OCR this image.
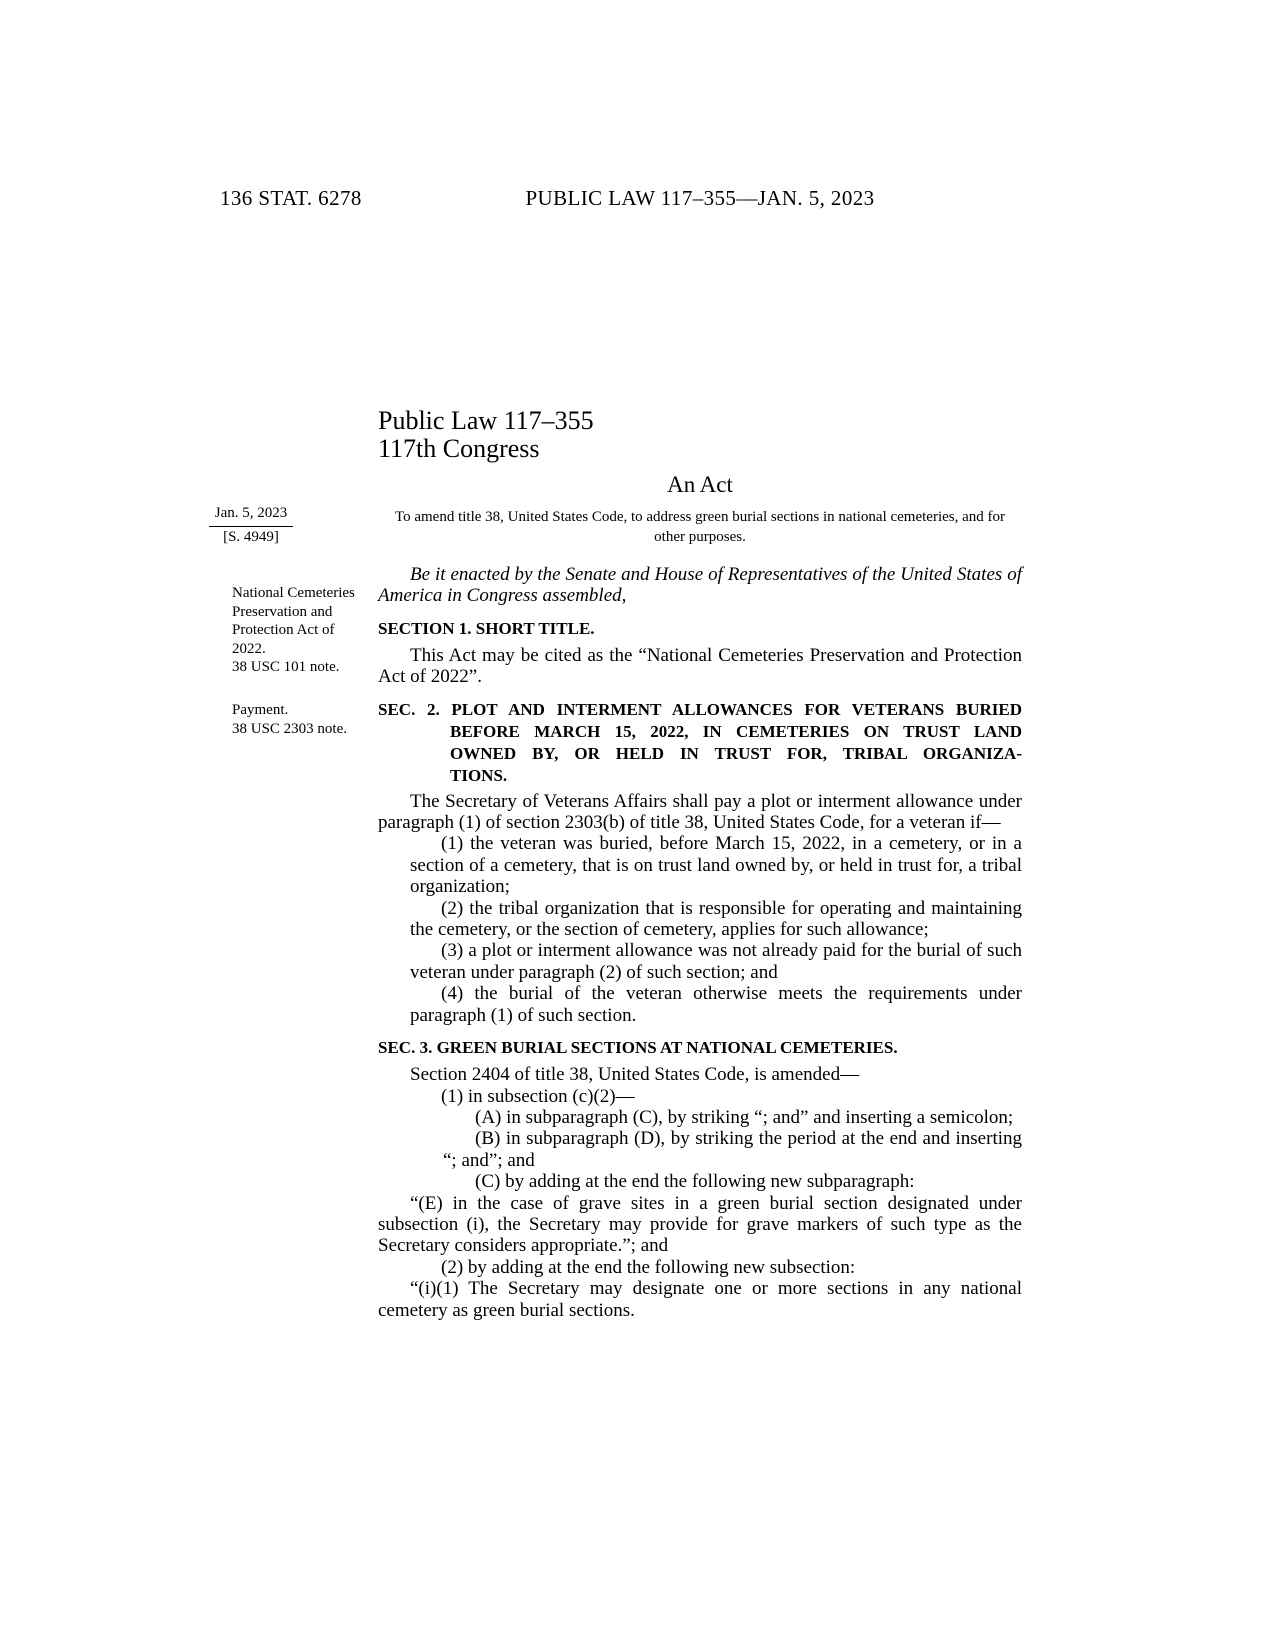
136 STAT. 6278	PUBLIC LAW 117–355—JAN. 5, 2023
Jan. 5, 2023
[S. 4949]
National Cemeteries Preservation and Protection Act of 2022.
38 USC 101 note.
Payment.
38 USC 2303 note.
Public Law 117–355
117th Congress
An Act
To amend title 38, United States Code, to address green burial sections in national cemeteries, and for other purposes.

Be it enacted by the Senate and House of Representatives of the United States of America in Congress assembled,

SECTION 1. SHORT TITLE.

This Act may be cited as the “National Cemeteries Preservation and Protection Act of 2022”.

SEC. 2. PLOT AND INTERMENT ALLOWANCES FOR VETERANS BURIED
BEFORE MARCH 15, 2022, IN CEMETERIES ON TRUST LAND
OWNED BY, OR HELD IN TRUST FOR, TRIBAL ORGANIZA-
TIONS.

The Secretary of Veterans Affairs shall pay a plot or interment allowance under paragraph (1) of section 2303(b) of title 38, United States Code, for a veteran if—

(1) the veteran was buried, before March 15, 2022, in a cemetery, or in a section of a cemetery, that is on trust land owned by, or held in trust for, a tribal organization;

(2) the tribal organization that is responsible for operating and maintaining the cemetery, or the section of cemetery, applies for such allowance;

(3) a plot or interment allowance was not already paid for the burial of such veteran under paragraph (2) of such section; and

(4) the burial of the veteran otherwise meets the requirements under paragraph (1) of such section.

SEC. 3. GREEN BURIAL SECTIONS AT NATIONAL CEMETERIES.

Section 2404 of title 38, United States Code, is amended—

(1) in subsection (c)(2)—

(A) in subparagraph (C), by striking “; and” and inserting a semicolon;

(B) in subparagraph (D), by striking the period at the end and inserting “; and”; and

(C) by adding at the end the following new subparagraph:

“(E) in the case of grave sites in a green burial section designated under subsection (i), the Secretary may provide for grave markers of such type as the Secretary considers appropriate.”; and

(2) by adding at the end the following new subsection:

“(i)(1) The Secretary may designate one or more sections in any national cemetery as green burial sections.
